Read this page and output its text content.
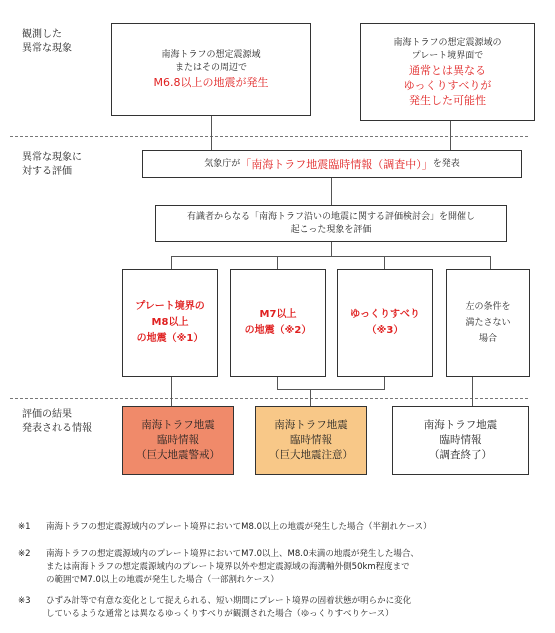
観測した
異常な現象
異常な現象に
対する評価
評価の結果
発表される情報
南海トラフの想定震源域
またはその周辺で
M6.8以上の地震が発生
南海トラフの想定震源域の
プレート境界面で
通常とは異なる
ゆっくりすべりが
発生した可能性
気象庁が 「南海トラフ地震臨時情報（調査中）」 を発表
有識者からなる「南海トラフ沿いの地震に関する評価検討会」を開催し
起こった現象を評価
プレート境界の
M8以上
の地震（※1）
M7以上
の地震（※2）
ゆっくりすべり
（※3）
左の条件を
満たさない
場合
南海トラフ地震
臨時情報
（巨大地震警戒）
南海トラフ地震
臨時情報
（巨大地震注意）
南海トラフ地震
臨時情報
（調査終了）
※1 南海トラフの想定震源域内のプレート境界においてM8.0以上の地震が発生した場合（半割れケース）
※2 南海トラフの想定震源域内のプレート境界においてM7.0以上、M8.0未満の地震が発生した場合、
または南海トラフの想定震源域内のプレート境界以外や想定震源域の海溝軸外側50km程度まで
の範囲でM7.0以上の地震が発生した場合（一部割れケース）
※3 ひずみ計等で有意な変化として捉えられる、短い期間にプレート境界の固着状態が明らかに変化
しているような通常とは異なるゆっくりすべりが観測された場合（ゆっくりすべりケース）
